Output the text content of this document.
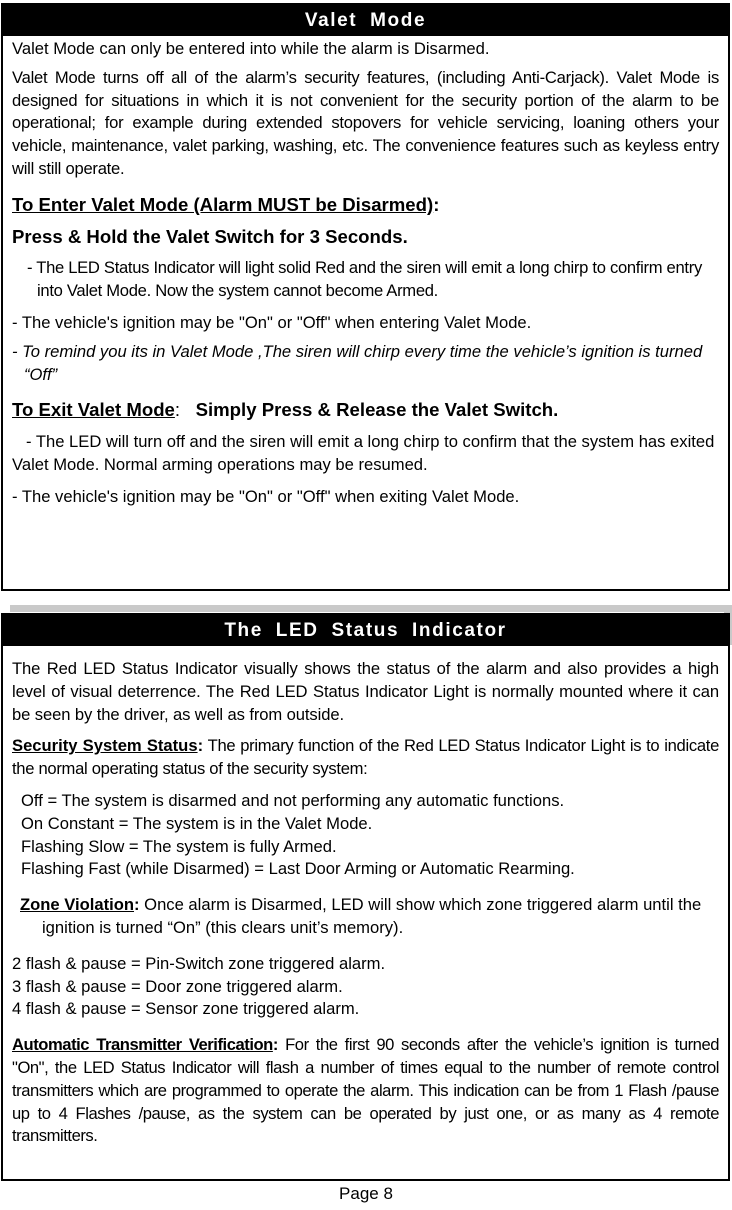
Valet Mode

Valet Mode can only be entered into while the alarm is Disarmed.

Valet Mode turns off all of the alarm’s security features, (including Anti-Carjack). Valet Mode is designed for situations in which it is not convenient for the security portion of the alarm to be operational; for example during extended stopovers for vehicle servicing, loaning others your vehicle, maintenance, valet parking, washing, etc. The convenience features such as keyless entry will still operate.

To Enter Valet Mode (Alarm MUST be Disarmed):

Press & Hold the Valet Switch for 3 Seconds.

- The LED Status Indicator will light solid Red and the siren will emit a long chirp to confirm entry into Valet Mode. Now the system cannot become Armed.

- The vehicle's ignition may be "On" or "Off" when entering Valet Mode.

- To remind you its in Valet Mode ,The siren will chirp every time the vehicle’s ignition is turned “Off”

To Exit Valet Mode: Simply Press & Release the Valet Switch.

- The LED will turn off and the siren will emit a long chirp to confirm that the system has exited Valet Mode. Normal arming operations may be resumed.

- The vehicle's ignition may be "On" or "Off" when exiting Valet Mode.

The LED Status Indicator

The Red LED Status Indicator visually shows the status of the alarm and also provides a high level of visual deterrence. The Red LED Status Indicator Light is normally mounted where it can be seen by the driver, as well as from outside.

Security System Status: The primary function of the Red LED Status Indicator Light is to indicate the normal operating status of the security system:

Off = The system is disarmed and not performing any automatic functions.

On Constant = The system is in the Valet Mode.

Flashing Slow = The system is fully Armed.

Flashing Fast (while Disarmed) = Last Door Arming or Automatic Rearming.

Zone Violation: Once alarm is Disarmed, LED will show which zone triggered alarm until the ignition is turned “On” (this clears unit’s memory).

2 flash & pause = Pin-Switch zone triggered alarm.

3 flash & pause = Door zone triggered alarm.

4 flash & pause = Sensor zone triggered alarm.

Automatic Transmitter Verification: For the first 90 seconds after the vehicle’s ignition is turned "On", the LED Status Indicator will flash a number of times equal to the number of remote control transmitters which are programmed to operate the alarm. This indication can be from 1 Flash /pause up to 4 Flashes /pause, as the system can be operated by just one, or as many as 4 remote transmitters.

Page 8
